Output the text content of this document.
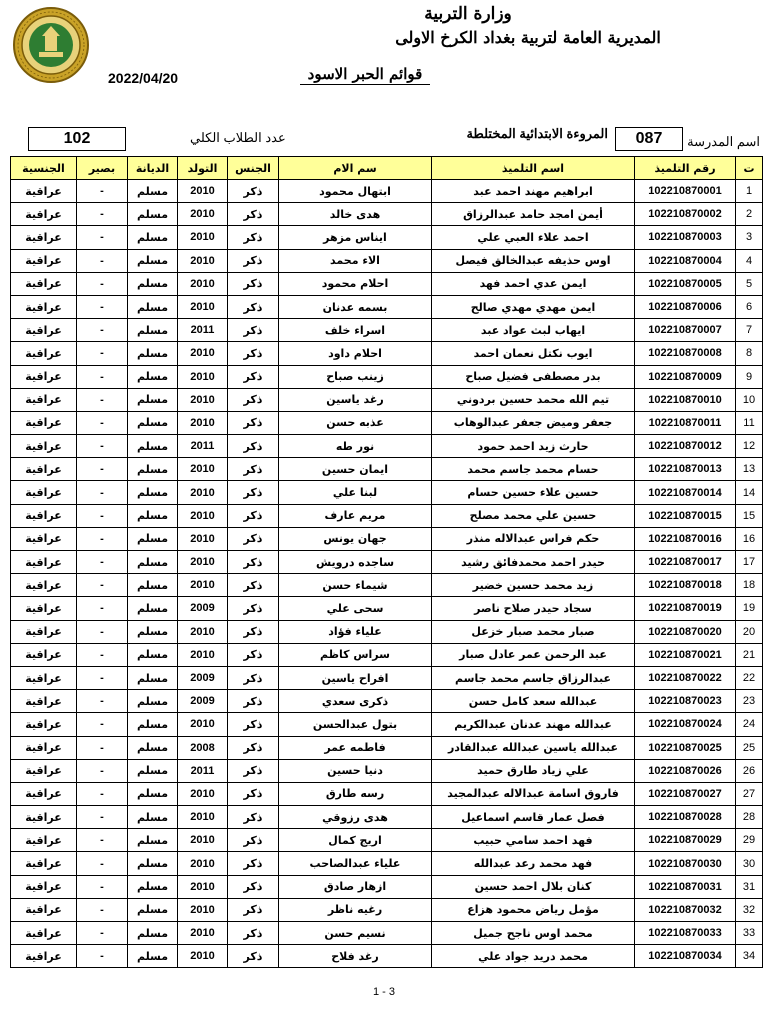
وزارة التربية
المديرية العامة لتربية بغداد الكرخ الاولى
قوائم الحبر الاسود
2022/04/20
اسم المدرسة
087
المروءة الابتدائية المختلطة
عدد الطلاب الكلي
102
ت	رقم التلميذ	اسم التلميذ	سم الام	الجنس	التولد	الديانة	بصير	الجنسية
1	102210870001	ابراهيم مهند احمد عبد	ابتهال محمود	ذكر	2010	مسلم	-	عراقية
2	102210870002	أيمن امجد حامد عبدالرزاق	هدى خالد	ذكر	2010	مسلم	-	عراقية
3	102210870003	احمد علاء العبي علي	ايناس مزهر	ذكر	2010	مسلم	-	عراقية
4	102210870004	اوس حذيفه عبدالخالق فيصل	الاء محمد	ذكر	2010	مسلم	-	عراقية
5	102210870005	ايمن عدي احمد فهد	احلام محمود	ذكر	2010	مسلم	-	عراقية
6	102210870006	ايمن مهدي مهدي صالح	بسمه عدنان	ذكر	2010	مسلم	-	عراقية
7	102210870007	ايهاب لبث عواد عبد	اسراء خلف	ذكر	2011	مسلم	-	عراقية
8	102210870008	ايوب نكتل نعمان احمد	احلام داود	ذكر	2010	مسلم	-	عراقية
9	102210870009	بدر مصطفى فضيل صباح	زينب صباح	ذكر	2010	مسلم	-	عراقية
10	102210870010	تيم الله محمد حسين بردوني	رغد ياسين	ذكر	2010	مسلم	-	عراقية
11	102210870011	جعفر وميض جعفر عبدالوهاب	عذبه حسن	ذكر	2010	مسلم	-	عراقية
12	102210870012	حارث زيد احمد حمود	نور طه	ذكر	2011	مسلم	-	عراقية
13	102210870013	حسام محمد جاسم محمد	ايمان حسين	ذكر	2010	مسلم	-	عراقية
14	102210870014	حسين علاء حسين حسام	لبنا علي	ذكر	2010	مسلم	-	عراقية
15	102210870015	حسين علي محمد مصلح	مريم عارف	ذكر	2010	مسلم	-	عراقية
16	102210870016	حكم فراس عبدالاله منذر	جهان يونس	ذكر	2010	مسلم	-	عراقية
17	102210870017	حيدر احمد محمدفائق رشيد	ساجده درويش	ذكر	2010	مسلم	-	عراقية
18	102210870018	زيد محمد حسين خضير	شيماء حسن	ذكر	2010	مسلم	-	عراقية
19	102210870019	سجاد حيدر صلاح ناصر	سحى علي	ذكر	2009	مسلم	-	عراقية
20	102210870020	صبار محمد صبار خزعل	علياء فؤاد	ذكر	2010	مسلم	-	عراقية
21	102210870021	عبد الرحمن عمر عادل صبار	سراس كاظم	ذكر	2010	مسلم	-	عراقية
22	102210870022	عبدالرزاق جاسم محمد جاسم	افراح ياسين	ذكر	2009	مسلم	-	عراقية
23	102210870023	عبدالله سعد كامل حسن	ذكرى سعدي	ذكر	2009	مسلم	-	عراقية
24	102210870024	عبدالله مهند عدنان عبدالكريم	بتول عبدالحسن	ذكر	2010	مسلم	-	عراقية
25	102210870025	عبدالله ياسين عبدالله عبدالقادر	فاطمه عمر	ذكر	2008	مسلم	-	عراقية
26	102210870026	علي زياد طارق حميد	دنيا حسين	ذكر	2011	مسلم	-	عراقية
27	102210870027	فاروق اسامة عبدالاله عبدالمجيد	رسه طارق	ذكر	2010	مسلم	-	عراقية
28	102210870028	فصل عمار قاسم اسماعيل	هدى رزوقي	ذكر	2010	مسلم	-	عراقية
29	102210870029	فهد احمد سامي حبيب	اريج كمال	ذكر	2010	مسلم	-	عراقية
30	102210870030	فهد محمد رعد عبدالله	علياء عبدالصاحب	ذكر	2010	مسلم	-	عراقية
31	102210870031	كنان بلال احمد حسين	ازهار صادق	ذكر	2010	مسلم	-	عراقية
32	102210870032	مؤمل رياض محمود هزاع	رغيه ناظر	ذكر	2010	مسلم	-	عراقية
33	102210870033	محمد اوس ناجح جميل	نسيم حسن	ذكر	2010	مسلم	-	عراقية
34	102210870034	محمد دريد جواد علي	رغد فلاح	ذكر	2010	مسلم	-	عراقية
1 - 3
